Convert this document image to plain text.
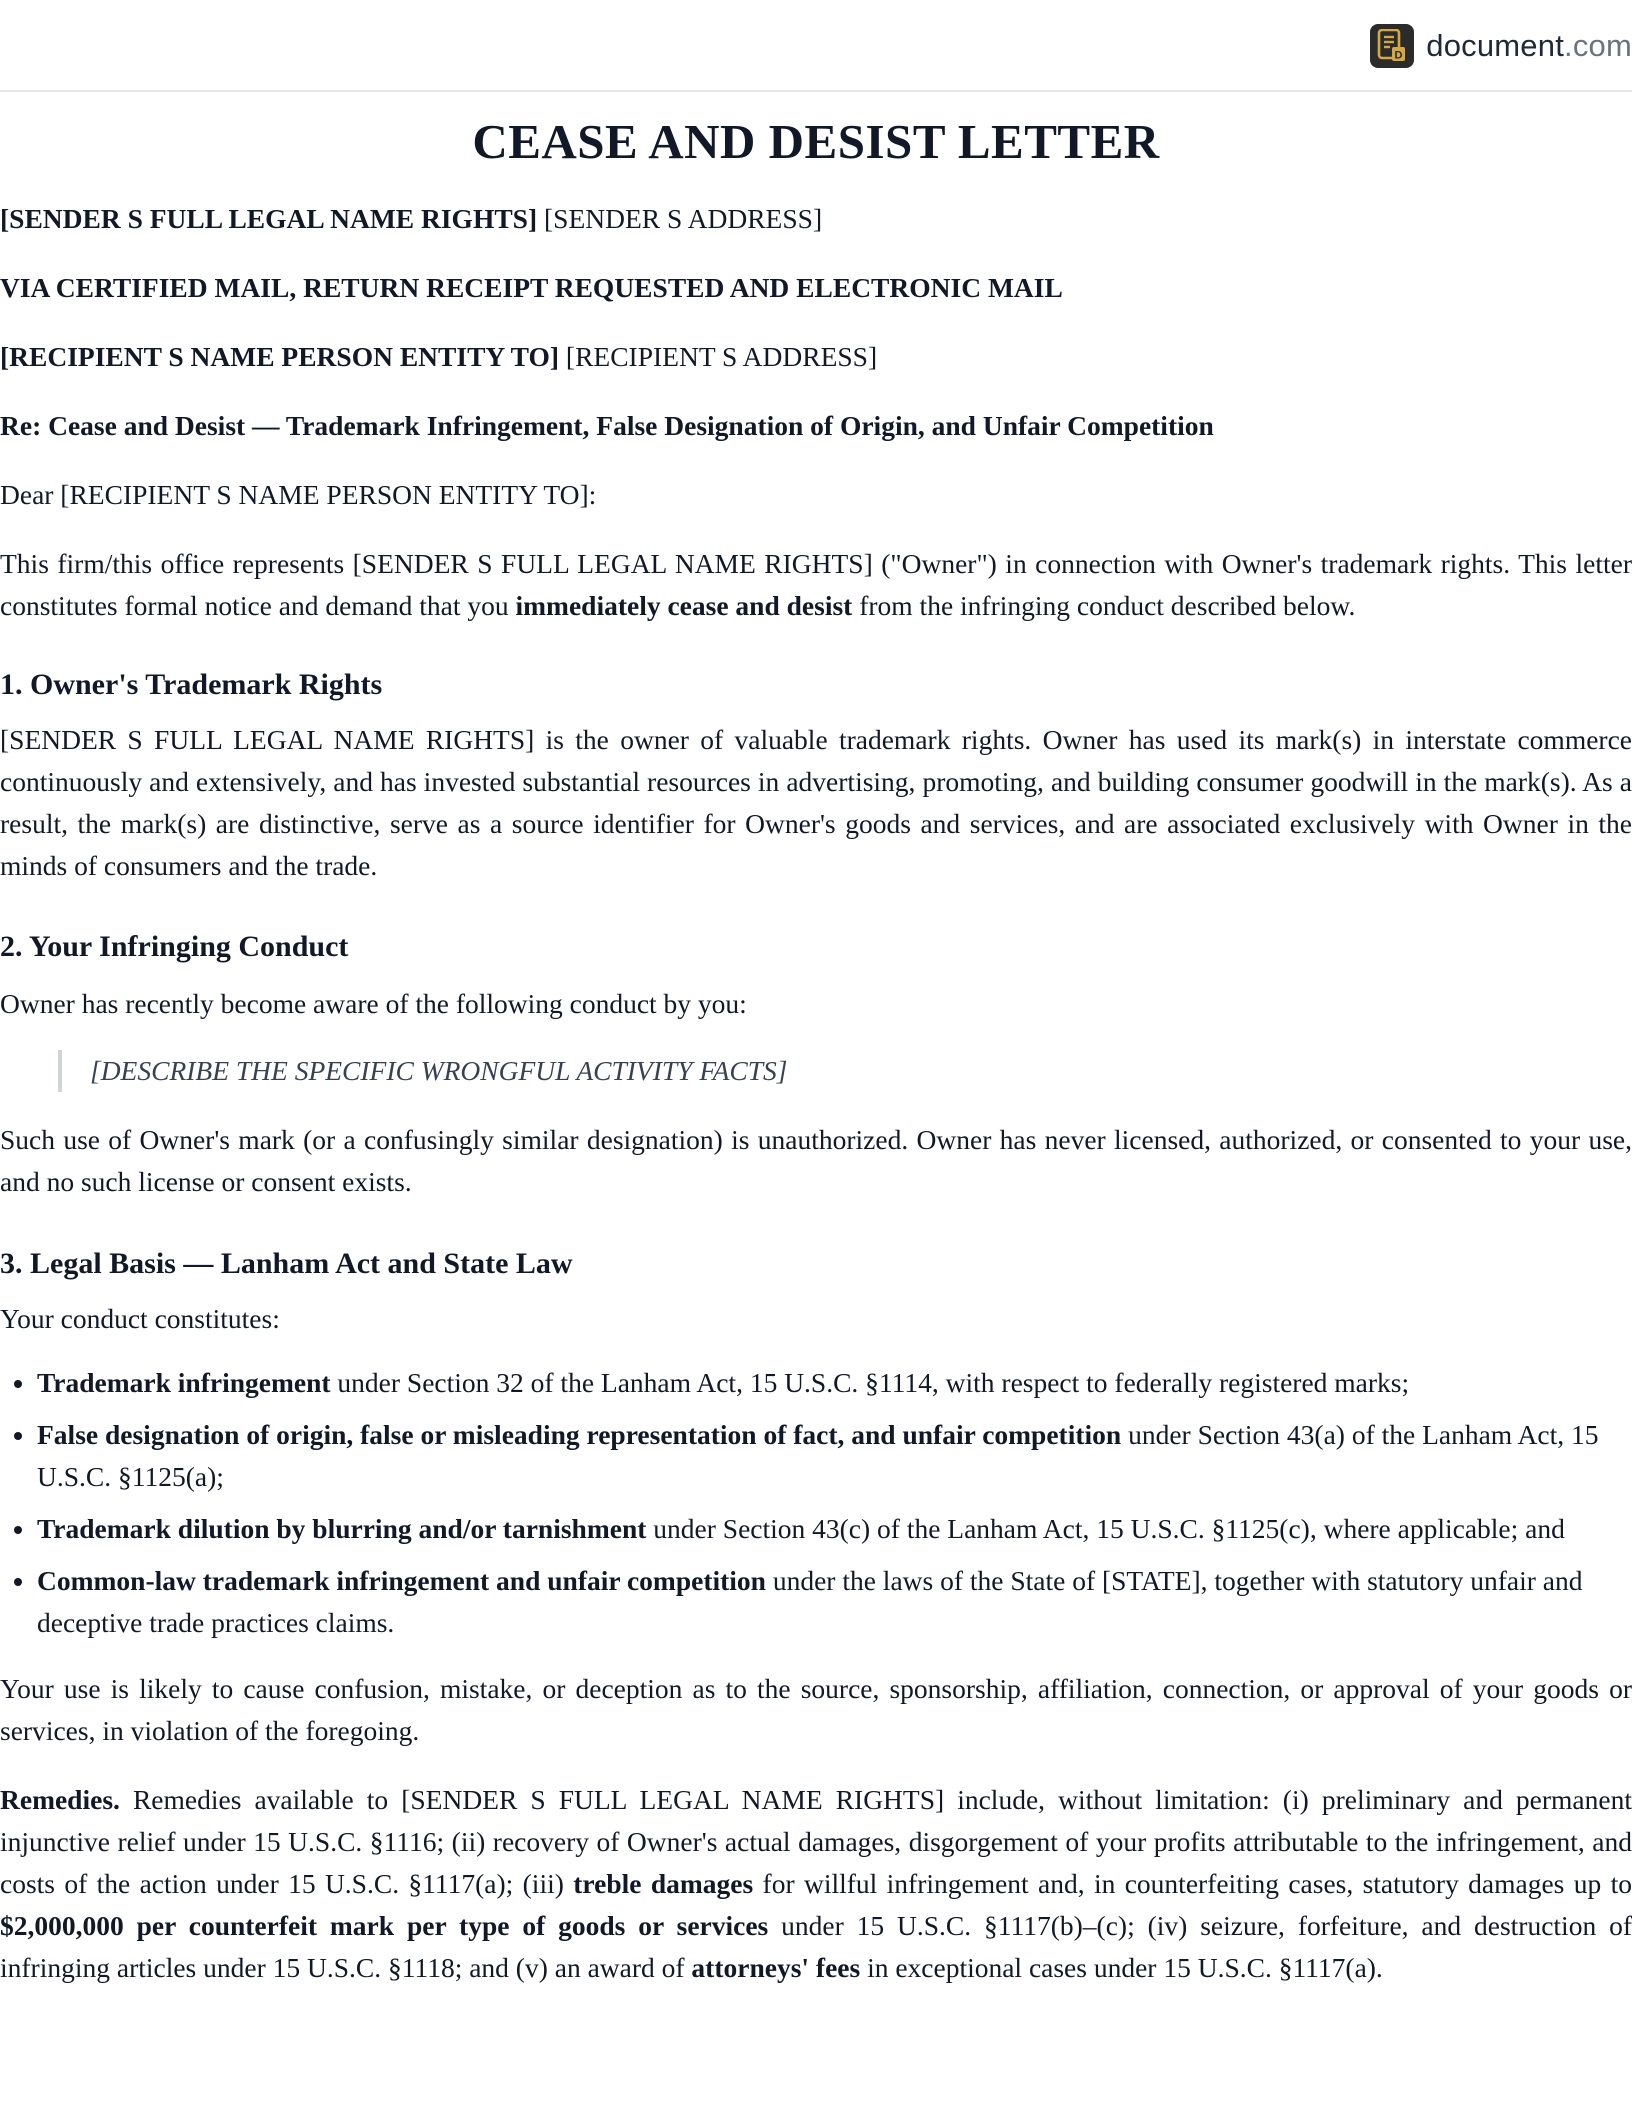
D document.com
CEASE AND DESIST LETTER

[SENDER S FULL LEGAL NAME RIGHTS] [SENDER S ADDRESS]

VIA CERTIFIED MAIL, RETURN RECEIPT REQUESTED AND ELECTRONIC MAIL

[RECIPIENT S NAME PERSON ENTITY TO] [RECIPIENT S ADDRESS]

Re: Cease and Desist — Trademark Infringement, False Designation of Origin, and Unfair Competition

Dear [RECIPIENT S NAME PERSON ENTITY TO]:

This firm/this office represents [SENDER S FULL LEGAL NAME RIGHTS] ("Owner") in connection with Owner's trademark rights. This letter constitutes formal notice and demand that you immediately cease and desist from the infringing conduct described below.

1. Owner's Trademark Rights

[SENDER S FULL LEGAL NAME RIGHTS] is the owner of valuable trademark rights. Owner has used its mark(s) in interstate commerce continuously and extensively, and has invested substantial resources in advertising, promoting, and building consumer goodwill in the mark(s). As a result, the mark(s) are distinctive, serve as a source identifier for Owner's goods and services, and are associated exclusively with Owner in the minds of consumers and the trade.

2. Your Infringing Conduct

Owner has recently become aware of the following conduct by you:

[DESCRIBE THE SPECIFIC WRONGFUL ACTIVITY FACTS]

Such use of Owner's mark (or a confusingly similar designation) is unauthorized. Owner has never licensed, authorized, or consented to your use, and no such license or consent exists.

3. Legal Basis — Lanham Act and State Law

Your conduct constitutes:

• Trademark infringement under Section 32 of the Lanham Act, 15 U.S.C. §1114, with respect to federally registered marks;
• False designation of origin, false or misleading representation of fact, and unfair competition under Section 43(a) of the Lanham Act, 15 U.S.C. §1125(a);
• Trademark dilution by blurring and/or tarnishment under Section 43(c) of the Lanham Act, 15 U.S.C. §1125(c), where applicable; and
• Common-law trademark infringement and unfair competition under the laws of the State of [STATE], together with statutory unfair and deceptive trade practices claims.

Your use is likely to cause confusion, mistake, or deception as to the source, sponsorship, affiliation, connection, or approval of your goods or services, in violation of the foregoing.

Remedies. Remedies available to [SENDER S FULL LEGAL NAME RIGHTS] include, without limitation: (i) preliminary and permanent injunctive relief under 15 U.S.C. §1116; (ii) recovery of Owner's actual damages, disgorgement of your profits attributable to the infringement, and costs of the action under 15 U.S.C. §1117(a); (iii) treble damages for willful infringement and, in counterfeiting cases, statutory damages up to $2,000,000 per counterfeit mark per type of goods or services under 15 U.S.C. §1117(b)–(c); (iv) seizure, forfeiture, and destruction of infringing articles under 15 U.S.C. §1118; and (v) an award of attorneys' fees in exceptional cases under 15 U.S.C. §1117(a).
